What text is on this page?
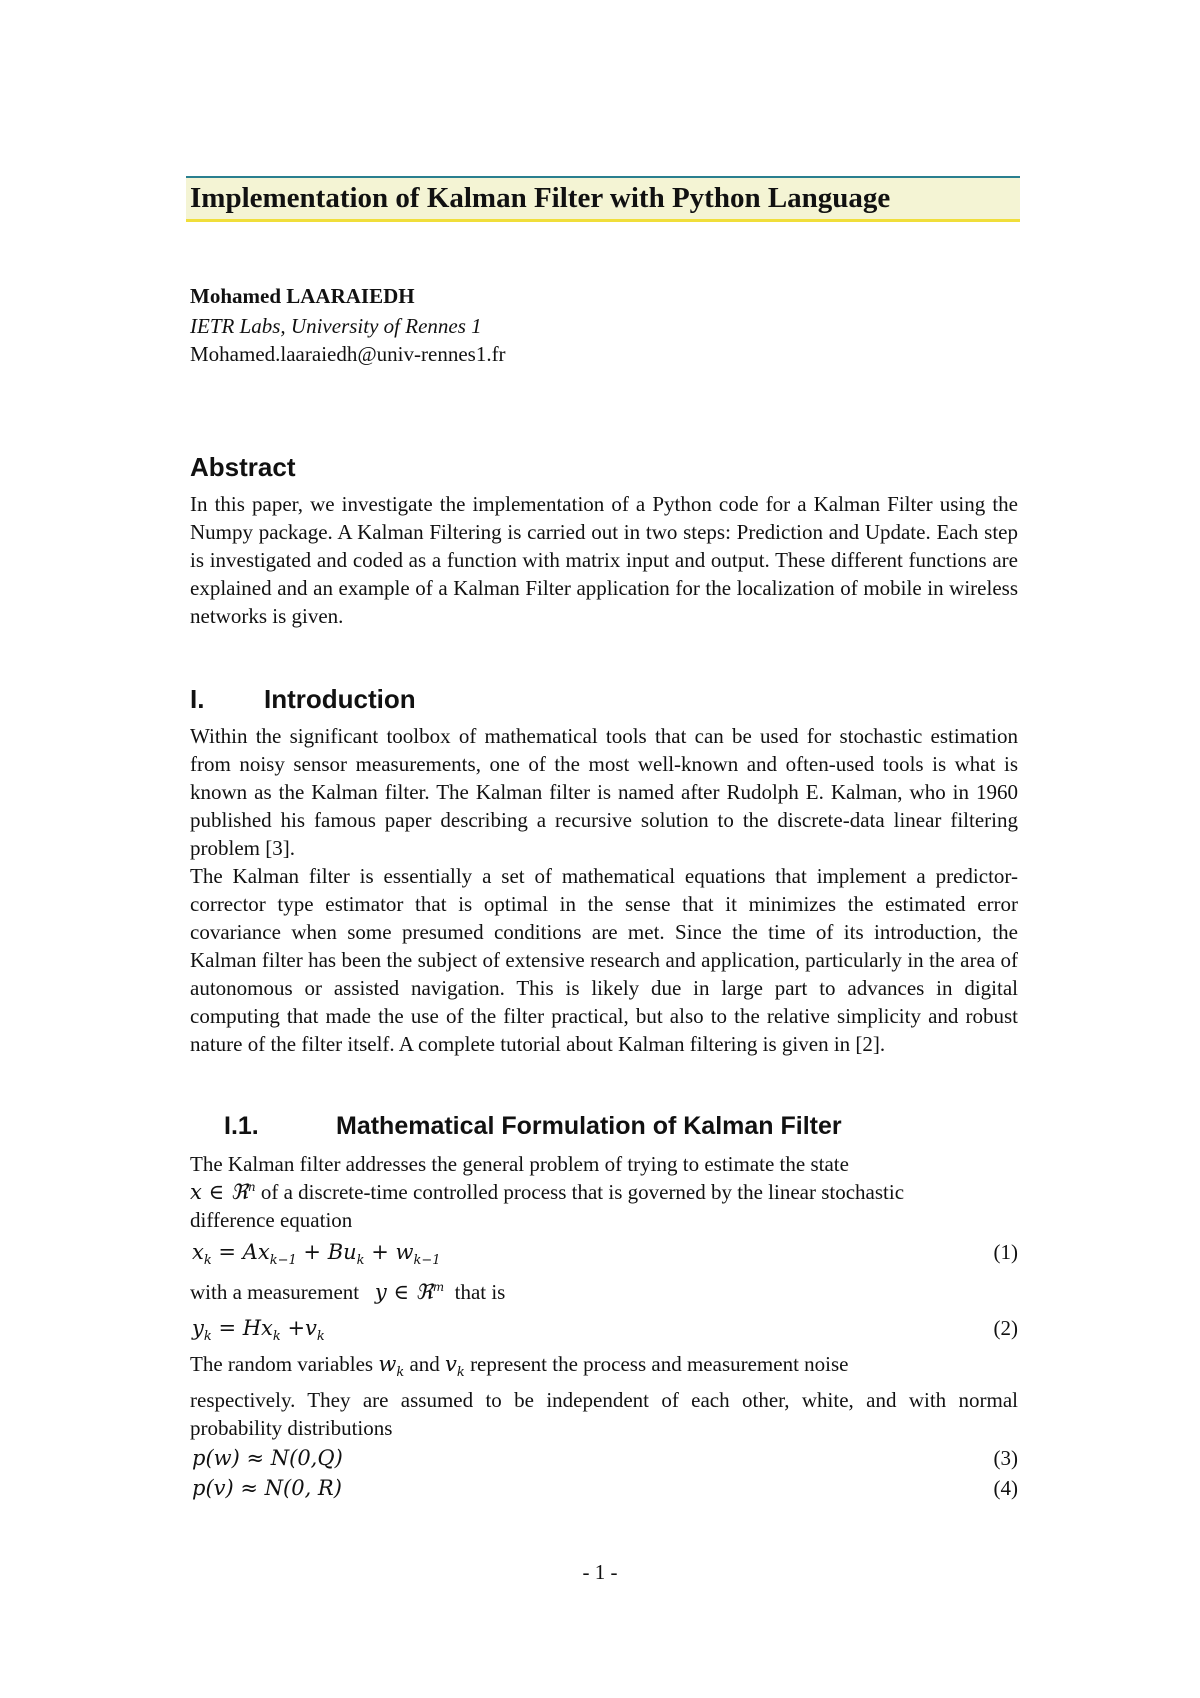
Implementation of Kalman Filter with Python Language
Mohamed LAARAIEDH
IETR Labs, University of Rennes 1
Mohamed.laaraiedh@univ-rennes1.fr
Abstract
In this paper, we investigate the implementation of a Python code for a Kalman Filter using the Numpy package. A Kalman Filtering is carried out in two steps: Prediction and Update. Each step is investigated and coded as a function with matrix input and output. These different functions are explained and an example of a Kalman Filter application for the localization of mobile in wireless networks is given.
I. Introduction
Within the significant toolbox of mathematical tools that can be used for stochastic estimation from noisy sensor measurements, one of the most well-known and often-used tools is what is known as the Kalman filter. The Kalman filter is named after Rudolph E. Kalman, who in 1960 published his famous paper describing a recursive solution to the discrete-data linear filtering problem [3].
The Kalman filter is essentially a set of mathematical equations that implement a predictor-corrector type estimator that is optimal in the sense that it minimizes the estimated error covariance when some presumed conditions are met. Since the time of its introduction, the Kalman filter has been the subject of extensive research and application, particularly in the area of autonomous or assisted navigation. This is likely due in large part to advances in digital computing that made the use of the filter practical, but also to the relative simplicity and robust nature of the filter itself. A complete tutorial about Kalman filtering is given in [2].
I.1.	Mathematical Formulation of Kalman Filter
The Kalman filter addresses the general problem of trying to estimate the state
x ∈ ℜ$^n$ of a discrete-time controlled process that is governed by the linear stochastic
difference equation
$x_k = Ax_{k-1} + Bu_k + w_{k-1}$	(1)
with a measurement y ∈ ℜ$^m$ that is
$y_k = Hx_k +v_k$	(2)
The random variables $w_k$ and $v_k$ represent the process and measurement noise
respectively. They are assumed to be independent of each other, white, and with normal probability distributions
p(w) ≈ N(0,Q)	(3)
p(v) ≈ N(0, R)	(4)
- 1 -
